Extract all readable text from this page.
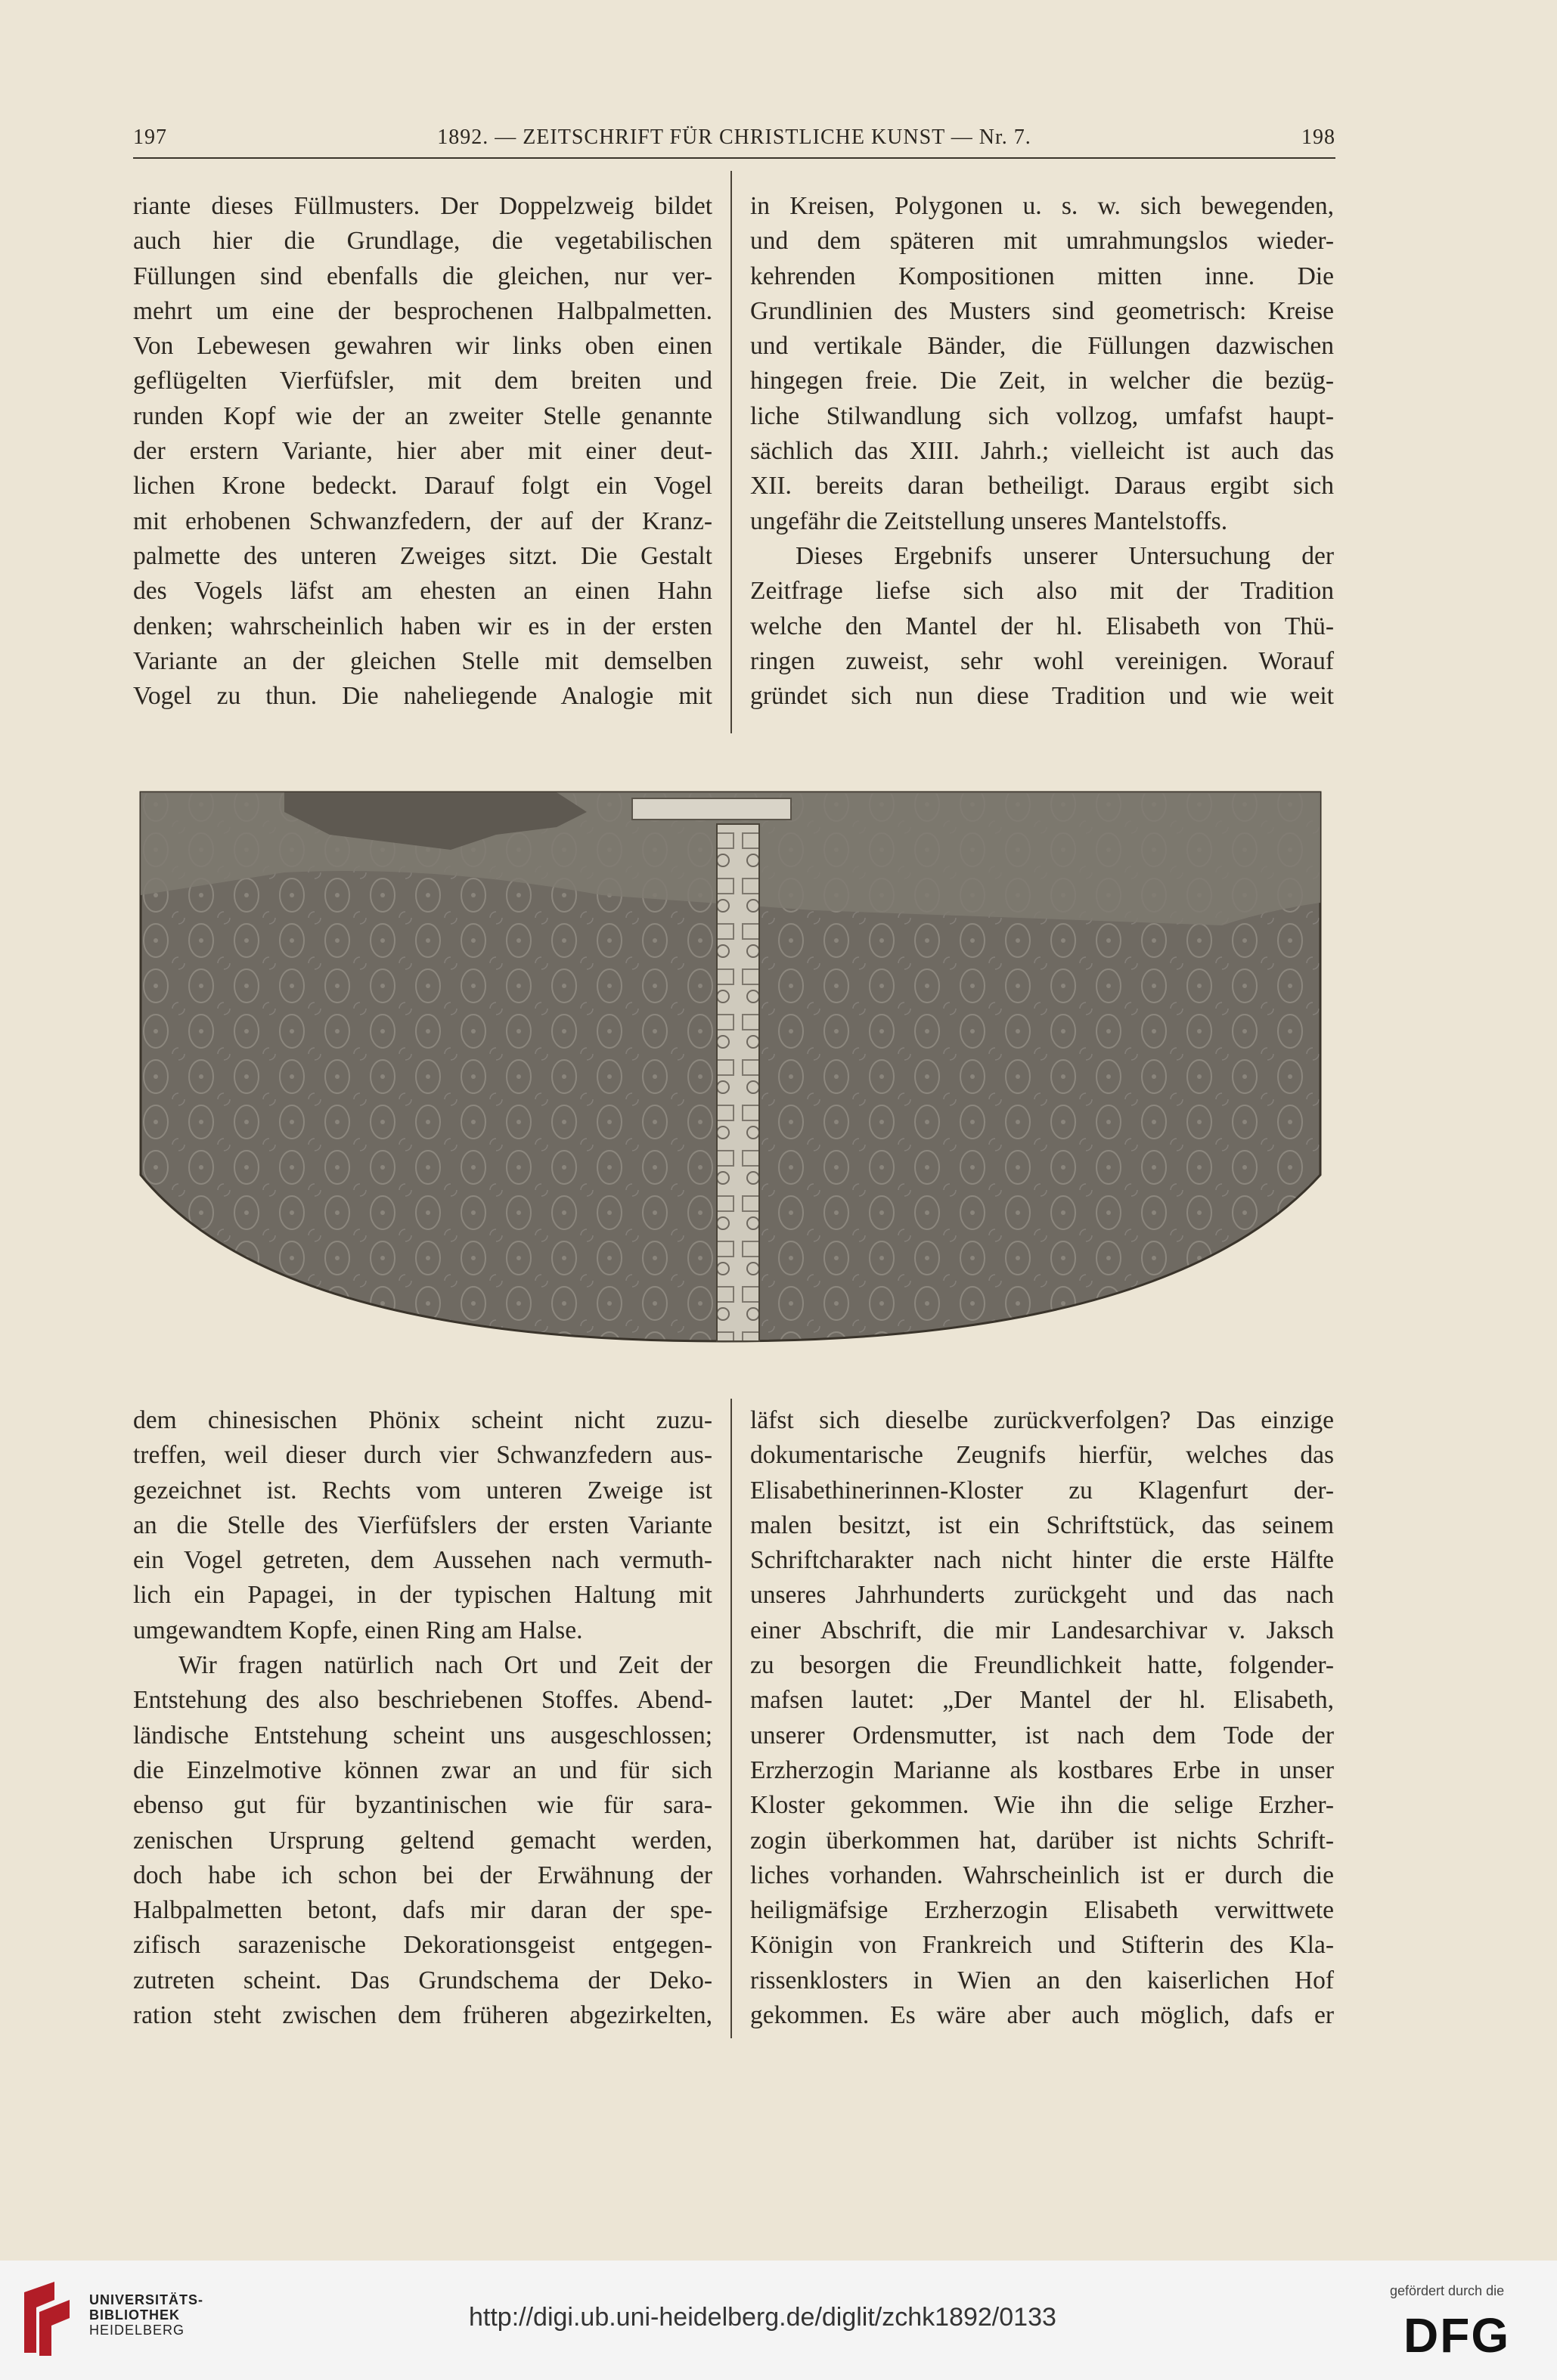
197	1892. — ZEITSCHRIFT FÜR CHRISTLICHE KUNST — Nr. 7.	198
riante dieses Füllmusters. Der Doppelzweig bildet
auch hier die Grundlage, die vegetabilischen
Füllungen sind ebenfalls die gleichen, nur ver-
mehrt um eine der besprochenen Halbpalmetten.
Von Lebewesen gewahren wir links oben einen
geflügelten Vierfüfsler, mit dem breiten und
runden Kopf wie der an zweiter Stelle genannte
der erstern Variante, hier aber mit einer deut-
lichen Krone bedeckt. Darauf folgt ein Vogel
mit erhobenen Schwanzfedern, der auf der Kranz-
palmette des unteren Zweiges sitzt. Die Gestalt
des Vogels läfst am ehesten an einen Hahn
denken; wahrscheinlich haben wir es in der ersten
Variante an der gleichen Stelle mit demselben
Vogel zu thun. Die naheliegende Analogie mit
in Kreisen, Polygonen u. s. w. sich bewegenden,
und dem späteren mit umrahmungslos wieder-
kehrenden Kompositionen mitten inne. Die
Grundlinien des Musters sind geometrisch: Kreise
und vertikale Bänder, die Füllungen dazwischen
hingegen freie. Die Zeit, in welcher die bezüg-
liche Stilwandlung sich vollzog, umfafst haupt-
sächlich das XIII. Jahrh.; vielleicht ist auch das
XII. bereits daran betheiligt. Daraus ergibt sich
ungefähr die Zeitstellung unseres Mantelstoffs.
Dieses Ergebnifs unserer Untersuchung der
Zeitfrage liefse sich also mit der Tradition
welche den Mantel der hl. Elisabeth von Thü-
ringen zuweist, sehr wohl vereinigen. Worauf
gründet sich nun diese Tradition und wie weit
dem chinesischen Phönix scheint nicht zuzu-
treffen, weil dieser durch vier Schwanzfedern aus-
gezeichnet ist. Rechts vom unteren Zweige ist
an die Stelle des Vierfüfslers der ersten Variante
ein Vogel getreten, dem Aussehen nach vermuth-
lich ein Papagei, in der typischen Haltung mit
umgewandtem Kopfe, einen Ring am Halse.
Wir fragen natürlich nach Ort und Zeit der
Entstehung des also beschriebenen Stoffes. Abend-
ländische Entstehung scheint uns ausgeschlossen;
die Einzelmotive können zwar an und für sich
ebenso gut für byzantinischen wie für sara-
zenischen Ursprung geltend gemacht werden,
doch habe ich schon bei der Erwähnung der
Halbpalmetten betont, dafs mir daran der spe-
zifisch sarazenische Dekorationsgeist entgegen-
zutreten scheint. Das Grundschema der Deko-
ration steht zwischen dem früheren abgezirkelten,
läfst sich dieselbe zurückverfolgen? Das einzige
dokumentarische Zeugnifs hierfür, welches das
Elisabethinerinnen-Kloster zu Klagenfurt der-
malen besitzt, ist ein Schriftstück, das seinem
Schriftcharakter nach nicht hinter die erste Hälfte
unseres Jahrhunderts zurückgeht und das nach
einer Abschrift, die mir Landesarchivar v. Jaksch
zu besorgen die Freundlichkeit hatte, folgender-
mafsen lautet: „Der Mantel der hl. Elisabeth,
unserer Ordensmutter, ist nach dem Tode der
Erzherzogin Marianne als kostbares Erbe in unser
Kloster gekommen. Wie ihn die selige Erzher-
zogin überkommen hat, darüber ist nichts Schrift-
liches vorhanden. Wahrscheinlich ist er durch die
heiligmäfsige Erzherzogin Elisabeth verwittwete
Königin von Frankreich und Stifterin des Kla-
rissenklosters in Wien an den kaiserlichen Hof
gekommen. Es wäre aber auch möglich, dafs er
UNIVERSITÄTS-
BIBLIOTHEK
HEIDELBERG	http://digi.ub.uni-heidelberg.de/diglit/zchk1892/0133
gefördert durch die
DFG
